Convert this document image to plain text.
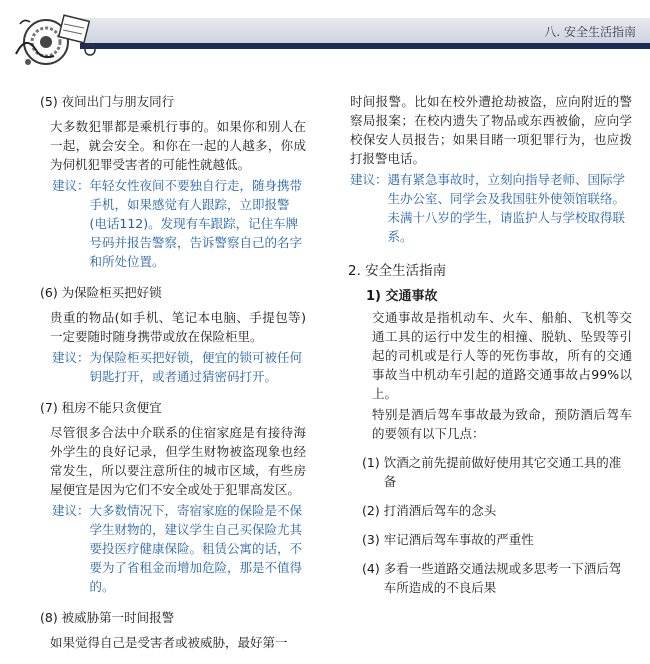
八. 安全生活指南
(5) 夜间出门与朋友同行

大多数犯罪都是乘机行事的。如果你和别人在一起，就会安全。和你在一起的人越多，你成为伺机犯罪受害者的可能性就越低。

建议： 年轻女性夜间不要独自行走，随身携带手机，如果感觉有人跟踪，立即报警(电话112)。发现有车跟踪，记住车牌号码并报告警察，告诉警察自己的名字和所处位置。
(6) 为保险柜买把好锁

贵重的物品(如手机、笔记本电脑、手提包等)一定要随时随身携带或放在保险柜里。

建议： 为保险柜买把好锁，便宜的锁可被任何钥匙打开，或者通过猜密码打开。
(7) 租房不能只贪便宜

尽管很多合法中介联系的住宿家庭是有接待海外学生的良好记录，但学生财物被盗现象也经常发生，所以要注意所住的城市区域，有些房屋便宜是因为它们不安全或处于犯罪高发区。

建议： 大多数情况下，寄宿家庭的保险是不保学生财物的，建议学生自己买保险尤其要投医疗健康保险。租赁公寓的话，不要为了省租金而增加危险，那是不值得的。
(8) 被威胁第一时间报警

如果觉得自己是受害者或被威胁，最好第一

时间报警。比如在校外遭抢劫被盗，应向附近的警察局报案；在校内遗失了物品或东西被偷，应向学校保安人员报告；如果目睹一项犯罪行为，也应拨打报警电话。

建议： 遇有紧急事故时，立刻向指导老师、国际学生办公室、同学会及我国驻外使领馆联络。未满十八岁的学生，请监护人与学校取得联系。
2. 安全生活指南
1) 交通事故

交通事故是指机动车、火车、船舶、飞机等交通工具的运行中发生的相撞、脱轨、坠毁等引起的司机或是行人等的死伤事故，所有的交通事故当中机动车引起的道路交通事故占99%以上。

特别是酒后驾车事故最为致命，预防酒后驾车的要领有以下几点：

(1) 饮酒之前先提前做好使用其它交通工具的准备
(2) 打消酒后驾车的念头
(3) 牢记酒后驾车事故的严重性
(4) 多看一些道路交通法规或多思考一下酒后驾车所造成的不良后果
